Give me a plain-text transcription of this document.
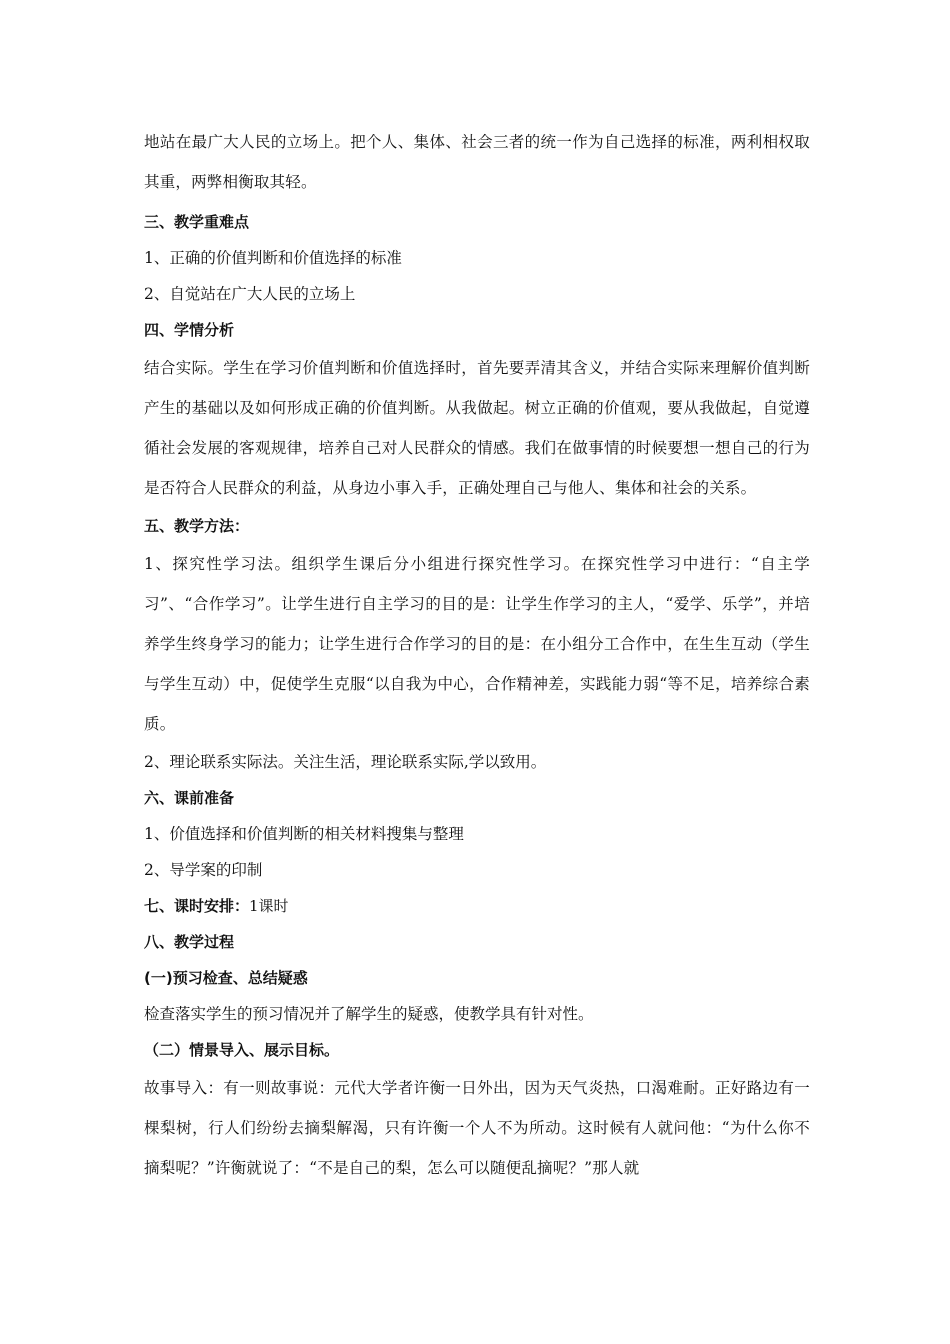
地站在最广大人民的立场上。把个人、集体、社会三者的统一作为自己选择的标准，两利相权取其重，两弊相衡取其轻。

三、教学重难点

1、正确的价值判断和价值选择的标准

2、自觉站在广大人民的立场上

四、学情分析

结合实际。学生在学习价值判断和价值选择时，首先要弄清其含义，并结合实际来理解价值判断产生的基础以及如何形成正确的价值判断。从我做起。树立正确的价值观，要从我做起，自觉遵循社会发展的客观规律，培养自己对人民群众的情感。我们在做事情的时候要想一想自己的行为是否符合人民群众的利益，从身边小事入手，正确处理自己与他人、集体和社会的关系。

五、教学方法：

1、探究性学习法。组织学生课后分小组进行探究性学习。在探究性学习中进行：“自主学习”、“合作学习”。让学生进行自主学习的目的是：让学生作学习的主人，“爱学、乐学”，并培养学生终身学习的能力；让学生进行合作学习的目的是：在小组分工合作中，在生生互动（学生与学生互动）中，促使学生克服“以自我为中心，合作精神差，实践能力弱“等不足，培养综合素质。

2、理论联系实际法。关注生活，理论联系实际,学以致用。

六、课前准备

1、价值选择和价值判断的相关材料搜集与整理

2、导学案的印制

七、课时安排：1课时

八、教学过程

(一)预习检查、总结疑惑

检查落实学生的预习情况并了解学生的疑惑，使教学具有针对性。

（二）情景导入、展示目标。

故事导入：有一则故事说：元代大学者许衡一日外出，因为天气炎热，口渴难耐。正好路边有一棵梨树，行人们纷纷去摘梨解渴，只有许衡一个人不为所动。这时候有人就问他：“为什么你不摘梨呢？”许衡就说了：“不是自己的梨，怎么可以随便乱摘呢？”那人就
